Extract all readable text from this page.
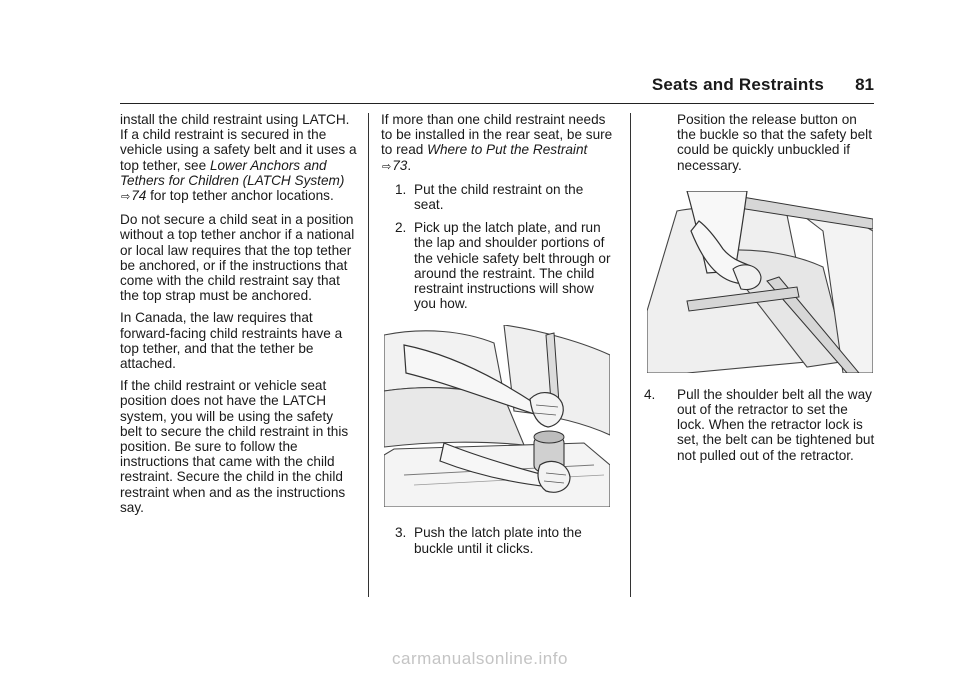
Seats and Restraints 81

install the child restraint using LATCH. If a child restraint is secured in the vehicle using a safety belt and it uses a top tether, see Lower Anchors and Tethers for Children (LATCH System) ⇨74 for top tether anchor locations.

Do not secure a child seat in a position without a top tether anchor if a national or local law requires that the top tether be anchored, or if the instructions that come with the child restraint say that the top strap must be anchored.

In Canada, the law requires that forward-facing child restraints have a top tether, and that the tether be attached.

If the child restraint or vehicle seat position does not have the LATCH system, you will be using the safety belt to secure the child restraint in this position. Be sure to follow the instructions that came with the child restraint. Secure the child in the child restraint when and as the instructions say.

If more than one child restraint needs to be installed in the rear seat, be sure to read Where to Put the Restraint ⇨73.

1. Put the child restraint on the seat.
2. Pick up the latch plate, and run the lap and shoulder portions of the vehicle safety belt through or around the restraint. The child restraint instructions will show you how.
3. Push the latch plate into the buckle until it clicks.

Position the release button on the buckle so that the safety belt could be quickly unbuckled if necessary.

4. Pull the shoulder belt all the way out of the retractor to set the lock. When the retractor lock is set, the belt can be tightened but not pulled out of the retractor.
carmanualsonline.info
